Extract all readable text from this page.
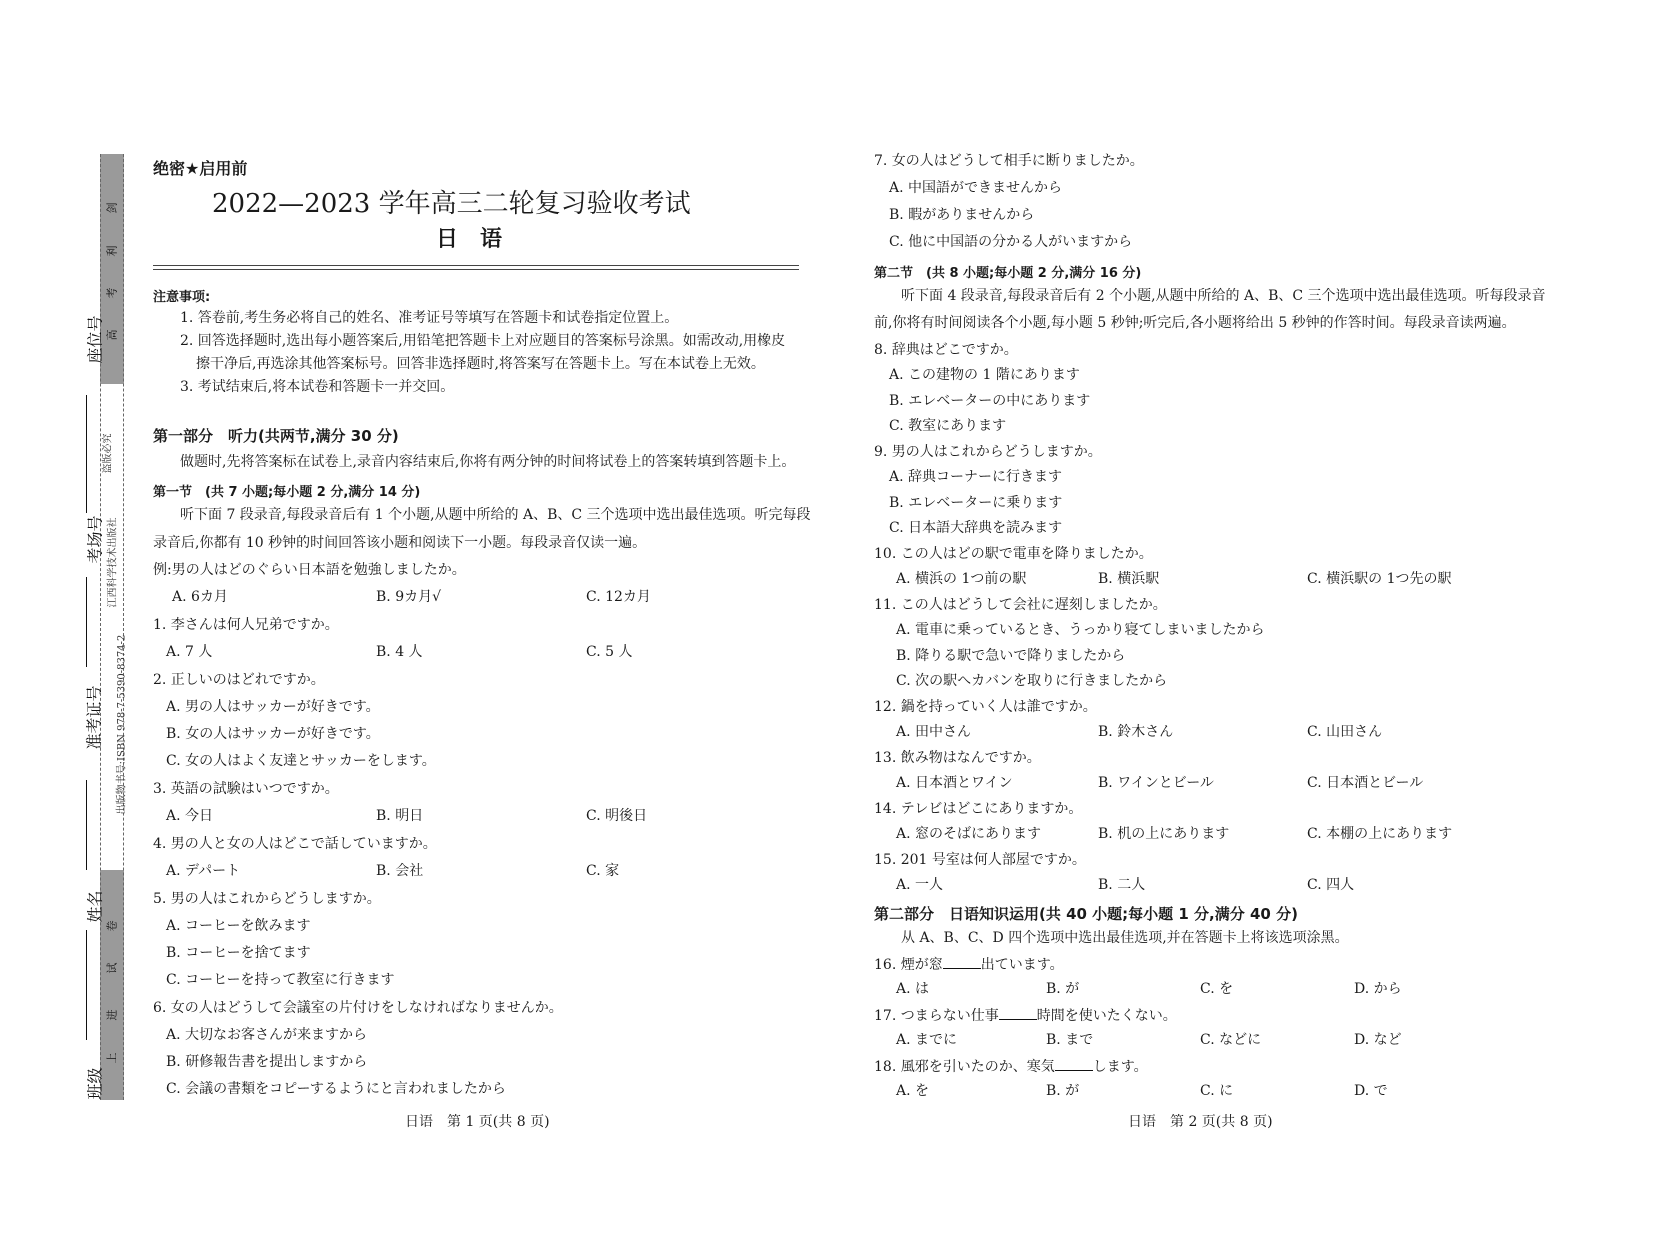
剑
利
考
高
卷
试
进
上
盗版必究
江西科学技术出版社
出版物书号:ISBN 978-7-5390-8374-2
座位号
考场号
准考证号
姓名
班级
绝密★启用前
2022—2023 学年高三二轮复习验收考试
日　语
注意事项:
1. 答卷前,考生务必将自己的姓名、准考证号等填写在答题卡和试卷指定位置上。
2. 回答选择题时,选出每小题答案后,用铅笔把答题卡上对应题目的答案标号涂黑。如需改动,用橡皮
擦干净后,再选涂其他答案标号。回答非选择题时,将答案写在答题卡上。写在本试卷上无效。
3. 考试结束后,将本试卷和答题卡一并交回。
第一部分　听力(共两节,满分 30 分)
做题时,先将答案标在试卷上,录音内容结束后,你将有两分钟的时间将试卷上的答案转填到答题卡上。
第一节　(共 7 小题;每小题 2 分,满分 14 分)
听下面 7 段录音,每段录音后有 1 个小题,从题中所给的 A、B、C 三个选项中选出最佳选项。听完每段
录音后,你都有 10 秒钟的时间回答该小题和阅读下一小题。每段录音仅读一遍。
例:男の人はどのぐらい日本語を勉強しましたか。
A. 6カ月	B. 9カ月√	C. 12カ月
1. 李さんは何人兄弟ですか。
A. 7 人	B. 4 人	C. 5 人
2. 正しいのはどれですか。
A. 男の人はサッカーが好きです。
B. 女の人はサッカーが好きです。
C. 女の人はよく友達とサッカーをします。
3. 英語の試験はいつですか。
A. 今日	B. 明日	C. 明後日
4. 男の人と女の人はどこで話していますか。
A. デパート	B. 会社	C. 家
5. 男の人はこれからどうしますか。
A. コーヒーを飲みます
B. コーヒーを捨てます
C. コーヒーを持って教室に行きます
6. 女の人はどうして会議室の片付けをしなければなりませんか。
A. 大切なお客さんが来ますから
B. 研修報告書を提出しますから
C. 会議の書類をコピーするようにと言われましたから
日语　第 1 页(共 8 页)
7. 女の人はどうして相手に断りましたか。
A. 中国語ができませんから
B. 暇がありませんから
C. 他に中国語の分かる人がいますから
第二节　(共 8 小题;每小题 2 分,满分 16 分)
听下面 4 段录音,每段录音后有 2 个小题,从题中所给的 A、B、C 三个选项中选出最佳选项。听每段录音
前,你将有时间阅读各个小题,每小题 5 秒钟;听完后,各小题将给出 5 秒钟的作答时间。每段录音读两遍。
8. 辞典はどこですか。
A. この建物の 1 階にあります
B. エレベーターの中にあります
C. 教室にあります
9. 男の人はこれからどうしますか。
A. 辞典コーナーに行きます
B. エレベーターに乗ります
C. 日本語大辞典を読みます
10. この人はどの駅で電車を降りましたか。
A. 横浜の 1つ前の駅	B. 横浜駅	C. 横浜駅の 1つ先の駅
11. この人はどうして会社に遅刻しましたか。
A. 電車に乗っているとき、うっかり寝てしまいましたから
B. 降りる駅で急いで降りましたから
C. 次の駅へカバンを取りに行きましたから
12. 鍋を持っていく人は誰ですか。
A. 田中さん	B. 鈴木さん	C. 山田さん
13. 飲み物はなんですか。
A. 日本酒とワイン	B. ワインとビール	C. 日本酒とビール
14. テレビはどこにありますか。
A. 窓のそばにあります	B. 机の上にあります	C. 本棚の上にあります
15. 201 号室は何人部屋ですか。
A. 一人	B. 二人	C. 四人
第二部分　日语知识运用(共 40 小题;每小题 1 分,满分 40 分)
从 A、B、C、D 四个选项中选出最佳选项,并在答题卡上将该选项涂黑。
16. 煙が窓	出ています。
A. は	B. が	C. を	D. から
17. つまらない仕事	時間を使いたくない。
A. までに	B. まで	C. などに	D. など
18. 風邪を引いたのか、寒気	します。
A. を	B. が	C. に	D. で
日语　第 2 页(共 8 页)
